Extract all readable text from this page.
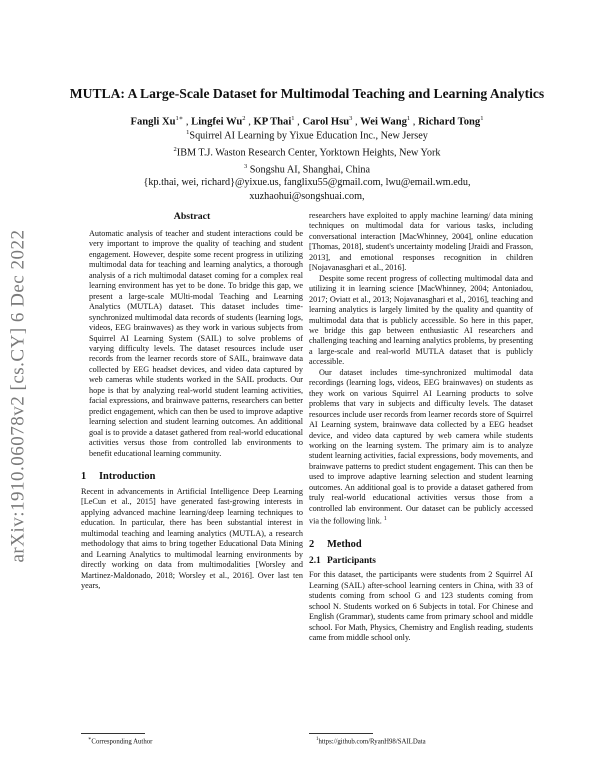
arXiv:1910.06078v2 [cs.CY] 6 Dec 2022
MUTLA: A Large-Scale Dataset for Multimodal Teaching and Learning Analytics
Fangli $Xu^{1∗}$ , Lingfei Wu$^2$ , KP Thai$^1$ , Carol Hsu$^3$ , Wei Wang$^1$ , Richard Tong$^1$
$^1$Squirrel AI Learning by Yixue Education Inc., New Jersey
$^2$IBM T.J. Waston Research Center, Yorktown Heights, New York
$^3$ Songshu AI, Shanghai, China
{kp.thai, wei, richard}@yixue.us, fanglixu55@gmail.com, lwu@email.wm.edu,
xuzhaohui@songshuai.com,
Abstract

Automatic analysis of teacher and student interactions could be very important to improve the quality of teaching and student engagement. However, despite some recent progress in utilizing multimodal data for teaching and learning analytics, a thorough analysis of a rich multimodal dataset coming for a complex real learning environment has yet to be done. To bridge this gap, we present a large-scale MUlti-modal Teaching and Learning Analytics (MUTLA) dataset. This dataset includes time-synchronized multimodal data records of students (learning logs, videos, EEG brainwaves) as they work in various subjects from Squirrel AI Learning System (SAIL) to solve problems of varying difficulty levels. The dataset resources include user records from the learner records store of SAIL, brainwave data collected by EEG headset devices, and video data captured by web cameras while students worked in the SAIL products. Our hope is that by analyzing real-world student learning activities, facial expressions, and brainwave patterns, researchers can better predict engagement, which can then be used to improve adaptive learning selection and student learning outcomes. An additional goal is to provide a dataset gathered from real-world educational activities versus those from controlled lab environments to benefit educational learning community.

1 Introduction

Recent in advancements in Artificial Intelligence Deep Learning [LeCun et al., 2015] have generated fast-growing interests in applying advanced machine learning/deep learning techniques to education. In particular, there has been substantial interest in multimodal teaching and learning analytics (MUTLA), a research methodology that aims to bring together Educational Data Mining and Learning Analytics to multimodal learning environments by directly working on data from multimodalities [Worsley and Martinez-Maldonado, 2018; Worsley et al., 2016]. Over last ten years,

researchers have exploited to apply machine learning/ data mining techniques on multimodal data for various tasks, including conversational interaction [MacWhinney, 2004], online education [Thomas, 2018], student's uncertainty modeling [Jraidi and Frasson, 2013], and emotional responses recognition in children [Nojavanasghari et al., 2016].

Despite some recent progress of collecting multimodal data and utilizing it in learning science [MacWhinney, 2004; Antoniadou, 2017; Oviatt et al., 2013; Nojavanasghari et al., 2016], teaching and learning analytics is largely limited by the quality and quantity of multimodal data that is publicly accessible. So here in this paper, we bridge this gap between enthusiastic AI researchers and challenging teaching and learning analytics problems, by presenting a large-scale and real-world MUTLA dataset that is publicly accessible.

Our dataset includes time-synchronized multimodal data recordings (learning logs, videos, EEG brainwaves) on students as they work on various Squirrel AI Learning products to solve problems that vary in subjects and difficulty levels. The dataset resources include user records from learner records store of Squirrel AI Learning system, brainwave data collected by a EEG headset device, and video data captured by web camera while students working on the learning system. The primary aim is to analyze student learning activities, facial expressions, body movements, and brainwave patterns to predict student engagement. This can then be used to improve adaptive learning selection and student learning outcomes. An additional goal is to provide a dataset gathered from truly real-world educational activities versus those from a controlled lab environment. Our dataset can be publicly accessed via the following link. $^1$

2 Method
2.1 Participants

For this dataset, the participants were students from 2 Squirrel AI Learning (SAIL) after-school learning centers in China, with 33 of students coming from school G and 123 students coming from school N. Students worked on 6 Subjects in total. For Chinese and English (Grammar), students came from primary school and middle school. For Math, Physics, Chemistry and English reading, students came from middle school only.

∗Corresponding Author	$^1$https://github.com/RyanH98/SAILData
